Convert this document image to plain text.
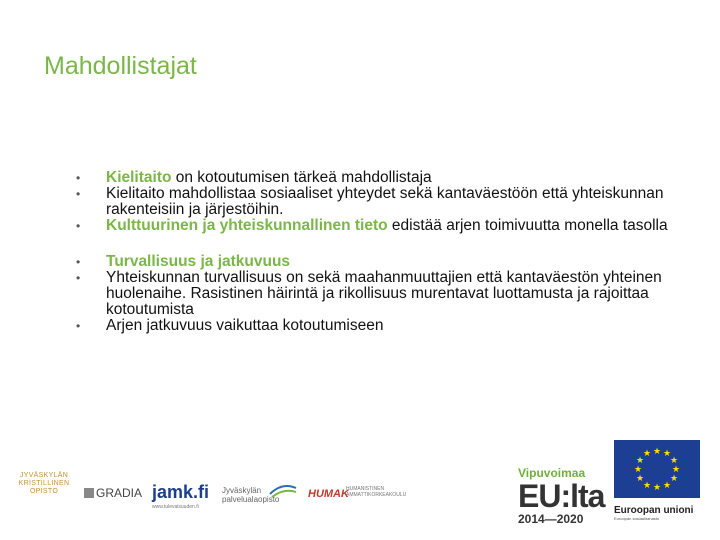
Mahdollistajat
• Kielitaito on kotoutumisen tärkeä mahdollistaja
• Kielitaito mahdollistaa sosiaaliset yhteydet sekä kantaväestöön että yhteiskunnan rakenteisiin ja järjestöihin.
• Kulttuurinen ja yhteiskunnallinen tieto edistää arjen toimivuutta monella tasolla
• Turvallisuus ja jatkuvuus
• Yhteiskunnan turvallisuus on sekä maahanmuuttajien että kantaväestön yhteinen huolenaihe. Rasistinen häirintä ja rikollisuus murentavat luottamusta ja rajoittaa kotoutumista
• Arjen jatkuvuus vaikuttaa kotoutumiseen
JYVÄSKYLÄN
KRISTILLINEN
OPISTO	GRADIA jamk.fi
www.tulevaisuuden.fi
Jyväskylän
palvelualaopisto	HUMAK
HUMANISTINEN AMMATTIKORKEAKOULU
Vipuvoimaa
EU:lta
2014—2020
★ ★
★
★
★
★
★
★
★
★
★
★
Euroopan unioni
Euroopan sosiaalirahasto
